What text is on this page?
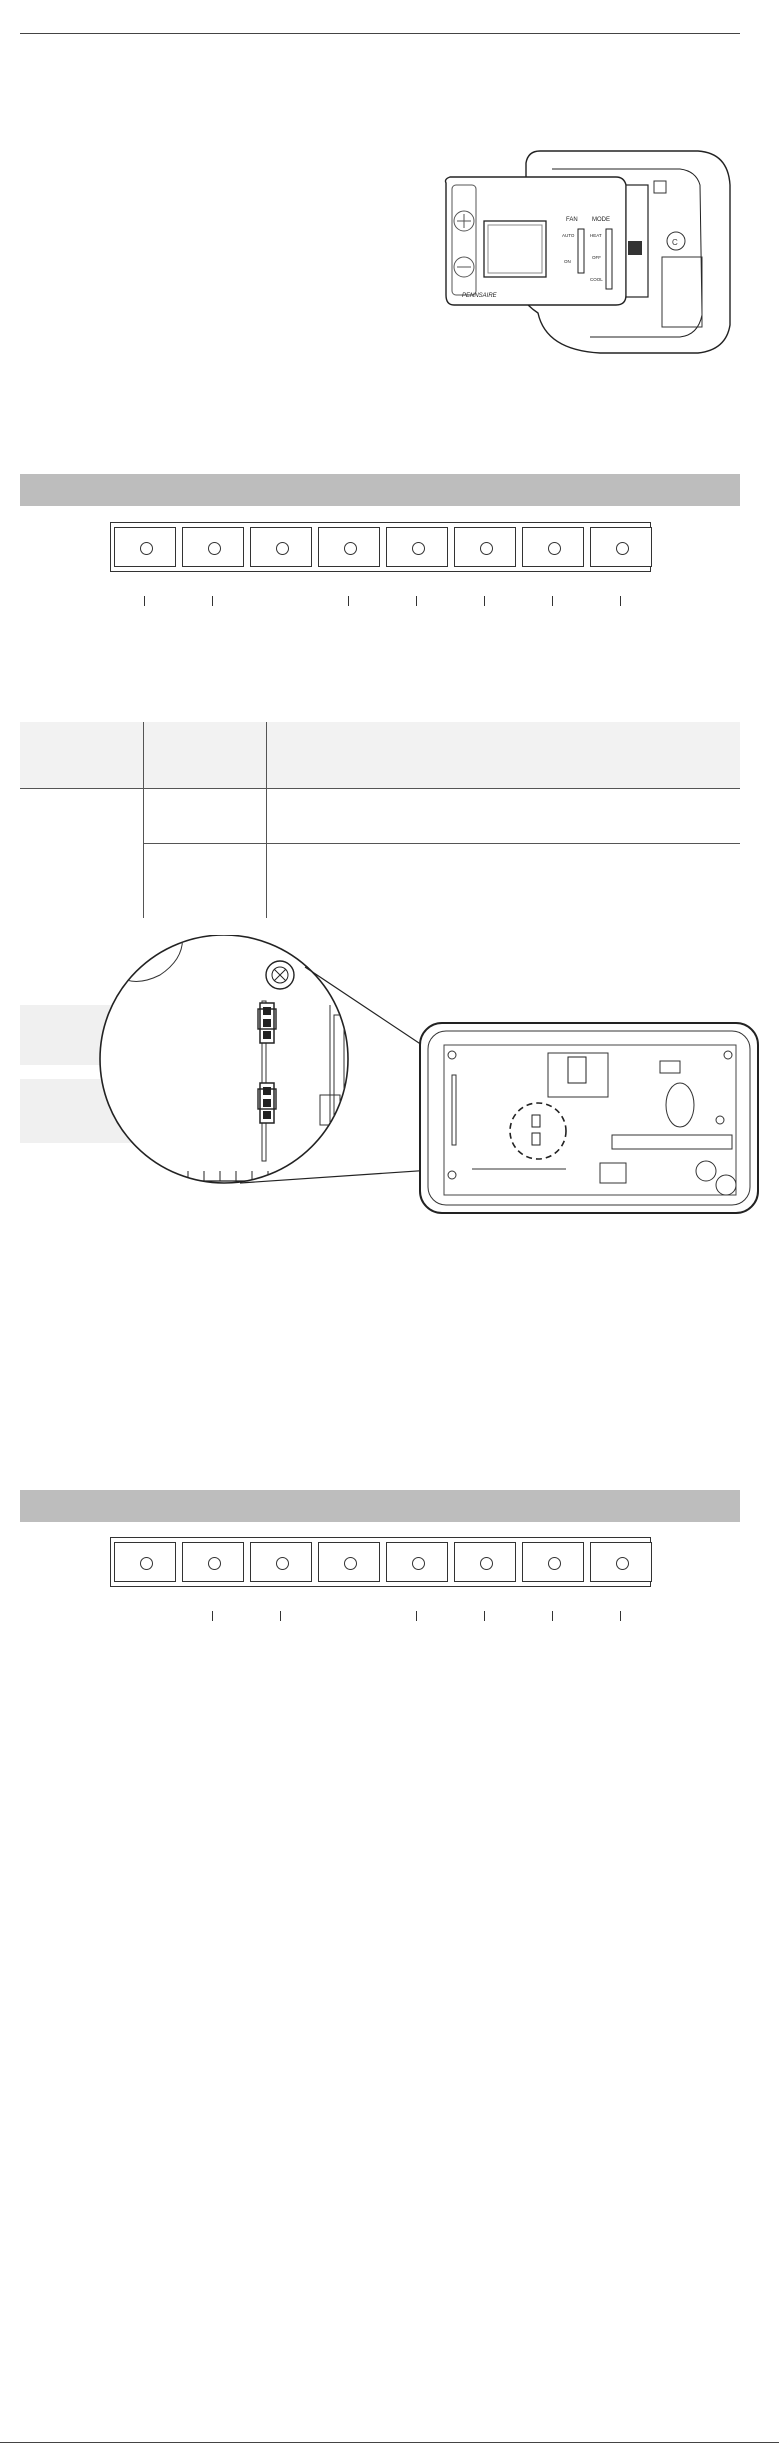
C
FAN MODE
AUTO
ON
HEAT
OFF
COOL
PENNSAIRE
